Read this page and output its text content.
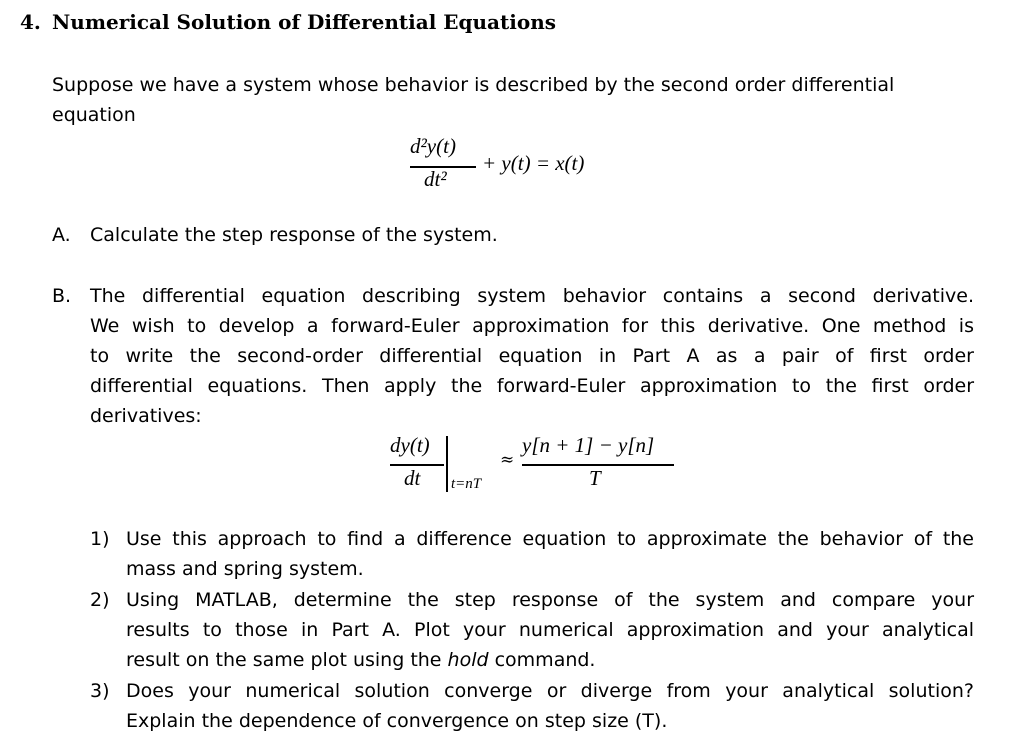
4. Numerical Solution of Differential Equations
Suppose we have a system whose behavior is described by the second order differential
equation
d²y(t)
dt²
+ y(t) = x(t)
A. Calculate the step response of the system.
B. The differential equation describing system behavior contains a second derivative.
We wish to develop a forward-Euler approximation for this derivative. One method is
to write the second-order differential equation in Part A as a pair of first order
differential equations. Then apply the forward-Euler approximation to the first order
derivatives:
dy(t)
dt t=nT
≈
y[n + 1] − y[n]
T
1) Use this approach to find a difference equation to approximate the behavior of the
mass and spring system.
2) Using MATLAB, determine the step response of the system and compare your
results to those in Part A. Plot your numerical approximation and your analytical
result on the same plot using the hold command.
3) Does your numerical solution converge or diverge from your analytical solution?
Explain the dependence of convergence on step size (T).
